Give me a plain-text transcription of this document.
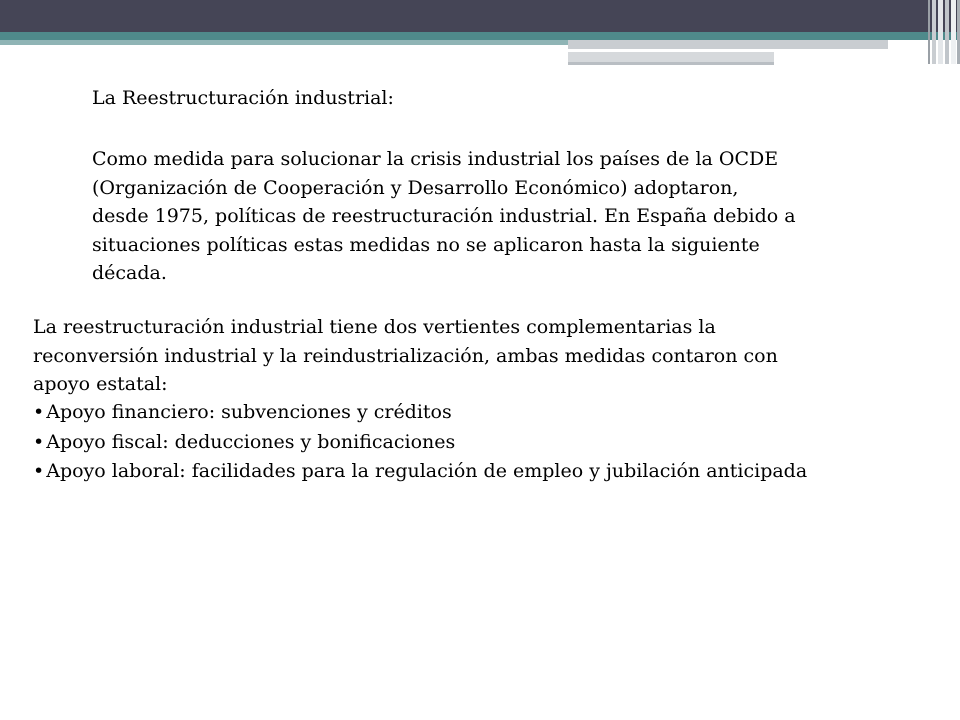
La Reestructuración industrial:

Como medida para solucionar la crisis industrial los países de la OCDE
(Organización de Cooperación y Desarrollo Económico) adoptaron,
desde 1975, políticas de reestructuración industrial. En España debido a
situaciones políticas estas medidas no se aplicaron hasta la siguiente
década.

La reestructuración industrial tiene dos vertientes complementarias la
reconversión industrial y la reindustrialización, ambas medidas contaron con
apoyo estatal:

• Apoyo financiero: subvenciones y créditos
• Apoyo fiscal: deducciones y bonificaciones
• Apoyo laboral: facilidades para la regulación de empleo y jubilación anticipada
